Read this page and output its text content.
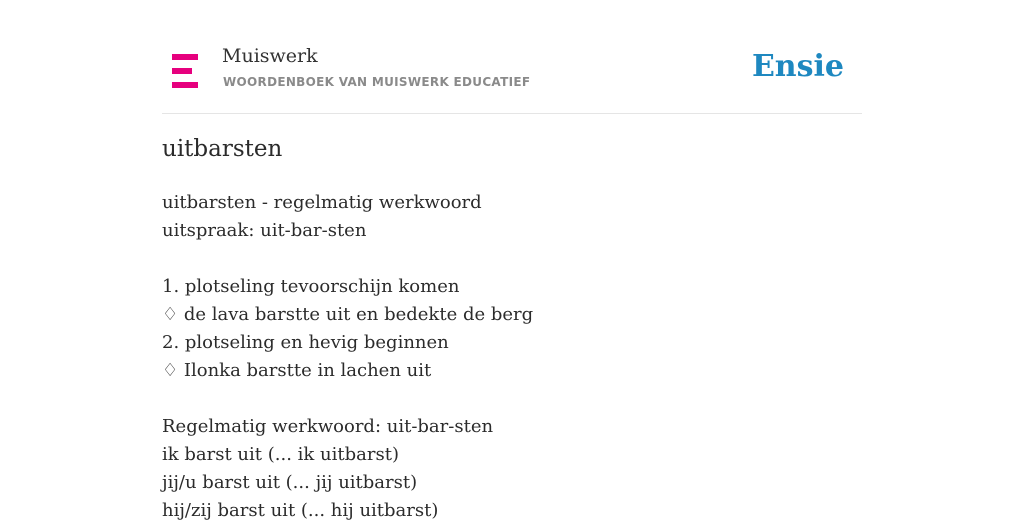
Muiswerk
WOORDENBOEK VAN MUISWERK EDUCATIEF	Ensie
uitbarsten
uitbarsten - regelmatig werkwoord
uitspraak: uit-bar-sten
1. plotseling tevoorschijn komen
♢ de lava barstte uit en bedekte de berg
2. plotseling en hevig beginnen
♢ Ilonka barstte in lachen uit
Regelmatig werkwoord: uit-bar-sten
ik barst uit (... ik uitbarst)
jij/u barst uit (... jij uitbarst)
hij/zij barst uit (... hij uitbarst)
